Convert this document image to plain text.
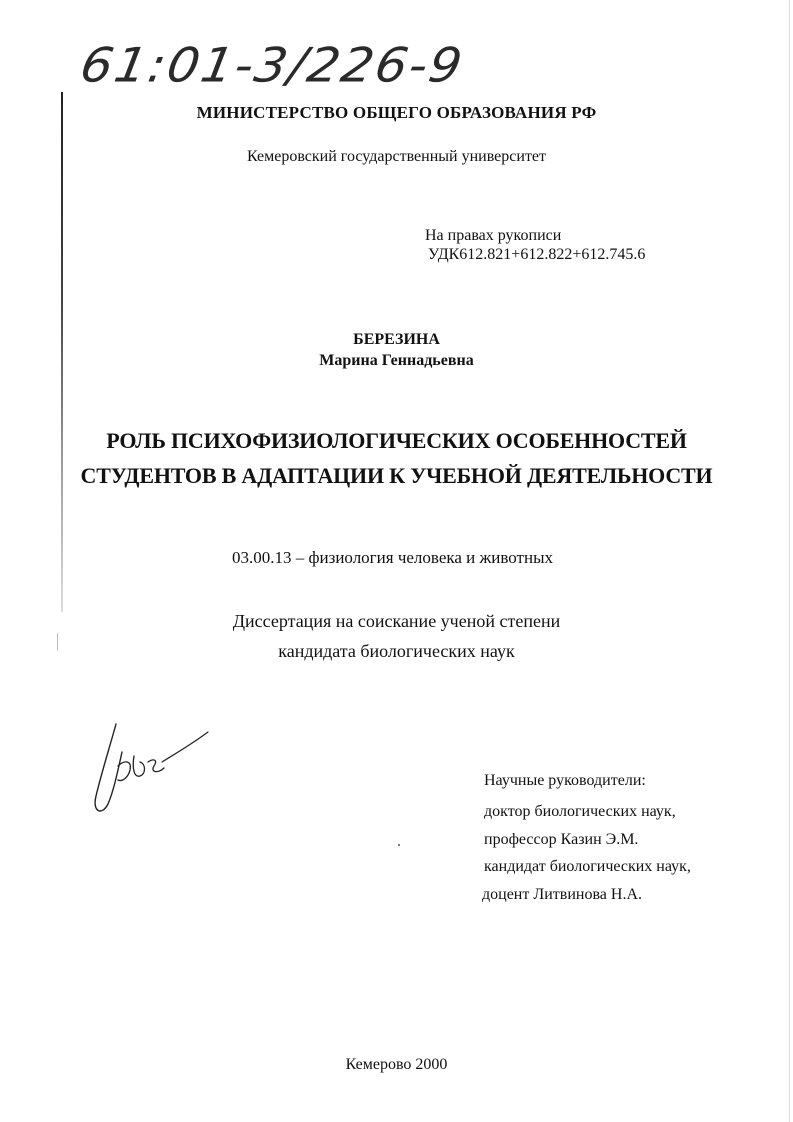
61:01-3/226-9
МИНИСТЕРСТВО ОБЩЕГО ОБРАЗОВАНИЯ РФ
Кемеровский государственный университет
На правах рукописи
УДК612.821+612.822+612.745.6
БЕРЕЗИНА
Марина Геннадьевна
РОЛЬ ПСИХОФИЗИОЛОГИЧЕСКИХ ОСОБЕННОСТЕЙ
СТУДЕНТОВ В АДАПТАЦИИ К УЧЕБНОЙ ДЕЯТЕЛЬНОСТИ
03.00.13 – физиология человека и животных
Диссертация на соискание ученой степени
кандидата биологических наук
Научные руководители:
доктор биологических наук,
профессор Казин Э.М.
кандидат биологических наук,
доцент Литвинова Н.А.
Кемерово 2000
